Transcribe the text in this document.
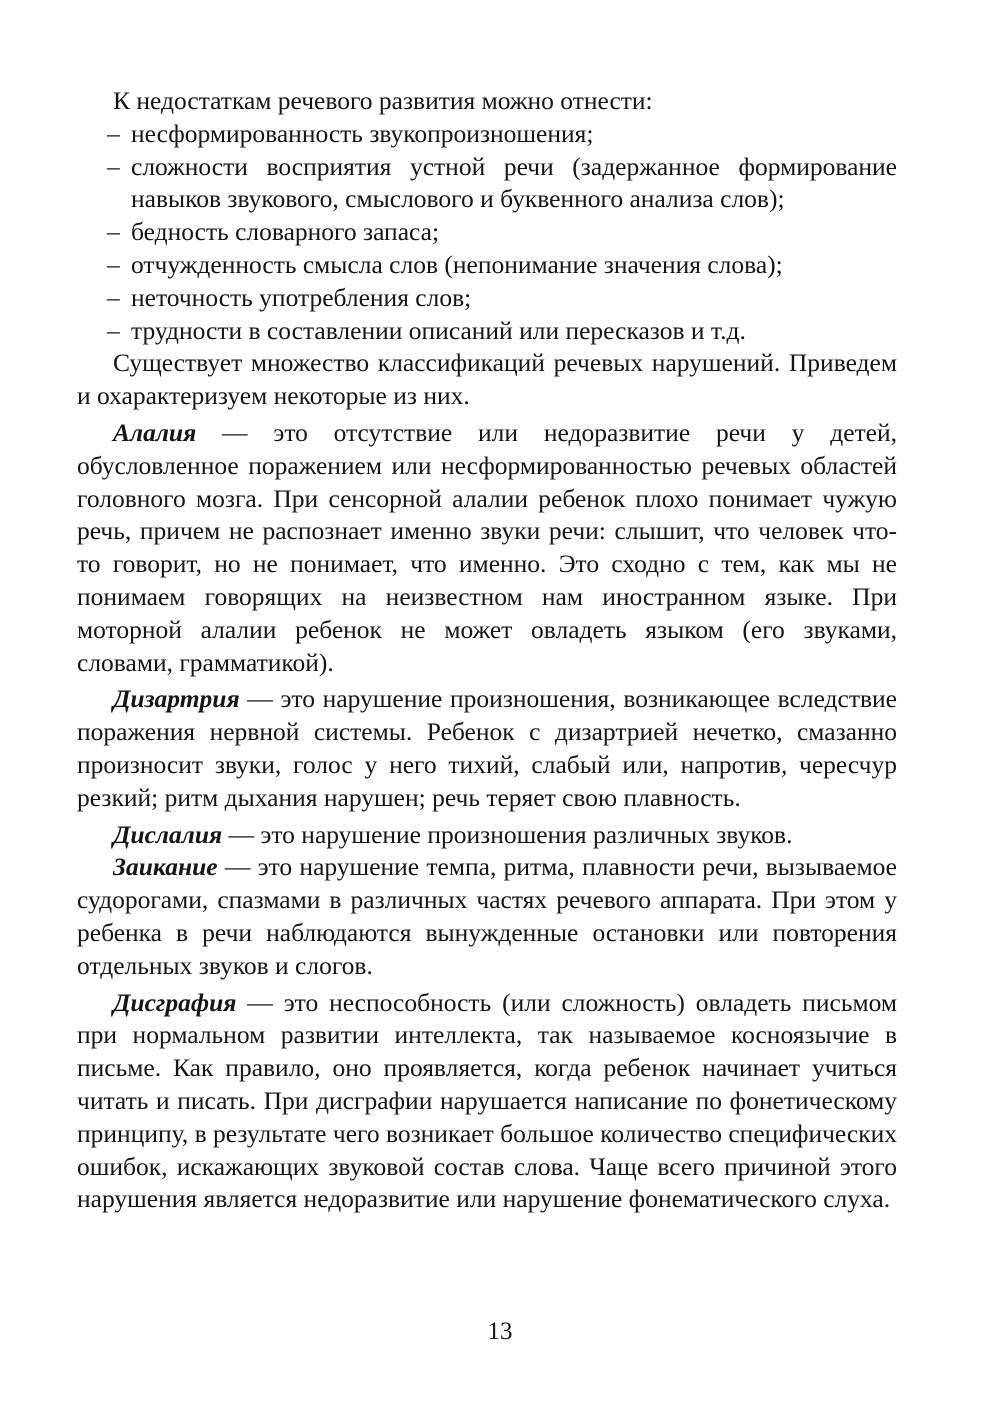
К недостаткам речевого развития можно отнести:

– несформированность звукопроизношения;
– сложности восприятия устной речи (задержанное формирование навыков звукового, смыслового и буквенного анализа слов);
– бедность словарного запаса;
– отчужденность смысла слов (непонимание значения слова);
– неточность употребления слов;
– трудности в составлении описаний или пересказов и т.д.

Существует множество классификаций речевых нарушений. Приведем и охарактеризуем некоторые из них.

Алалия — это отсутствие или недоразвитие речи у детей, обусловленное поражением или несформированностью речевых областей головного мозга. При сенсорной алалии ребенок плохо понимает чужую речь, причем не распознает именно звуки речи: слышит, что человек что-то говорит, но не понимает, что именно. Это сходно с тем, как мы не понимаем говорящих на неизвестном нам иностранном языке. При моторной алалии ребенок не может овладеть языком (его звуками, словами, грамматикой).

Дизартрия — это нарушение произношения, возникающее вследствие поражения нервной системы. Ребенок с дизартрией нечетко, смазанно произносит звуки, голос у него тихий, слабый или, напротив, чересчур резкий; ритм дыхания нарушен; речь теряет свою плавность.

Дислалия — это нарушение произношения различных звуков.

Заикание — это нарушение темпа, ритма, плавности речи, вызываемое судорогами, спазмами в различных частях речевого аппарата. При этом у ребенка в речи наблюдаются вынужденные остановки или повторения отдельных звуков и слогов.

Дисграфия — это неспособность (или сложность) овладеть письмом при нормальном развитии интеллекта, так называемое косноязычие в письме. Как правило, оно проявляется, когда ребенок начинает учиться читать и писать. При дисграфии нарушается написание по фонетическому принципу, в результате чего возникает большое количество специфических ошибок, искажающих звуковой состав слова. Чаще всего причиной этого нарушения является недоразвитие или нарушение фонематического слуха.

13
